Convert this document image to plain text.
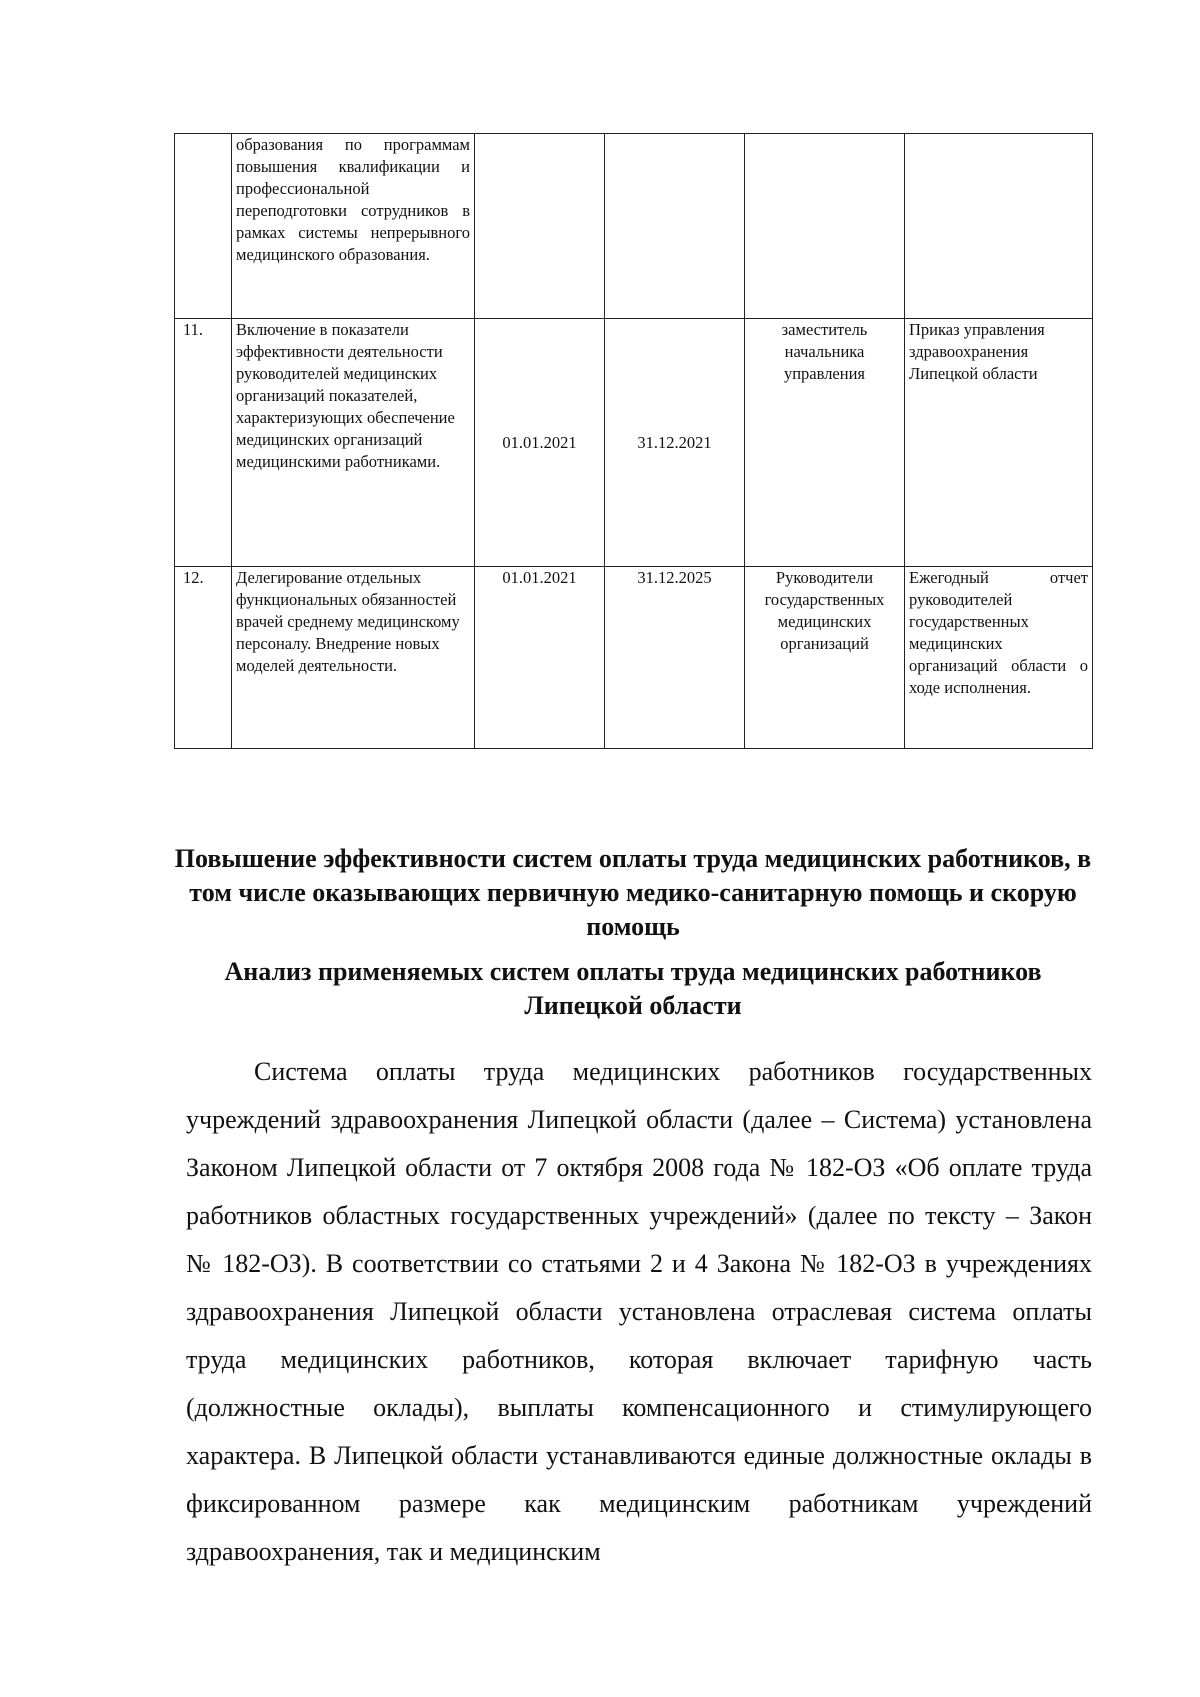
	образования по программам повышения квалификации и профессиональной переподготовки сотрудников в рамках системы непрерывного медицинского образования.				
11.	Включение в показатели эффективности деятельности руководителей медицинских организаций показателей, характеризующих обеспечение медицинских организаций медицинскими работниками.	01.01.2021	31.12.2021	заместитель начальника управления	Приказ управления здравоохранения Липецкой области
12.	Делегирование отдельных функциональных обязанностей врачей среднему медицинскому персоналу. Внедрение новых моделей деятельности.	01.01.2021	31.12.2025	Руководители государственных медицинских организаций	Ежегодный отчет руководителей государственных медицинских организаций области о ходе исполнения.
Повышение эффективности систем оплаты труда медицинских работников, в том числе оказывающих первичную медико-санитарную помощь и скорую помощь
Анализ применяемых систем оплаты труда медицинских работников Липецкой области
Система оплаты труда медицинских работников государственных учреждений здравоохранения Липецкой области (далее – Система) установлена Законом Липецкой области от 7 октября 2008 года № 182-ОЗ «Об оплате труда работников областных государственных учреждений» (далее по тексту – Закон № 182-ОЗ). В соответствии со статьями 2 и 4 Закона № 182-ОЗ в учреждениях здравоохранения Липецкой области установлена отраслевая система оплаты труда медицинских работников, которая включает тарифную часть (должностные оклады), выплаты компенсационного и стимулирующего характера. В Липецкой области устанавливаются единые должностные оклады в фиксированном размере как медицинским работникам учреждений здравоохранения, так и медицинским
